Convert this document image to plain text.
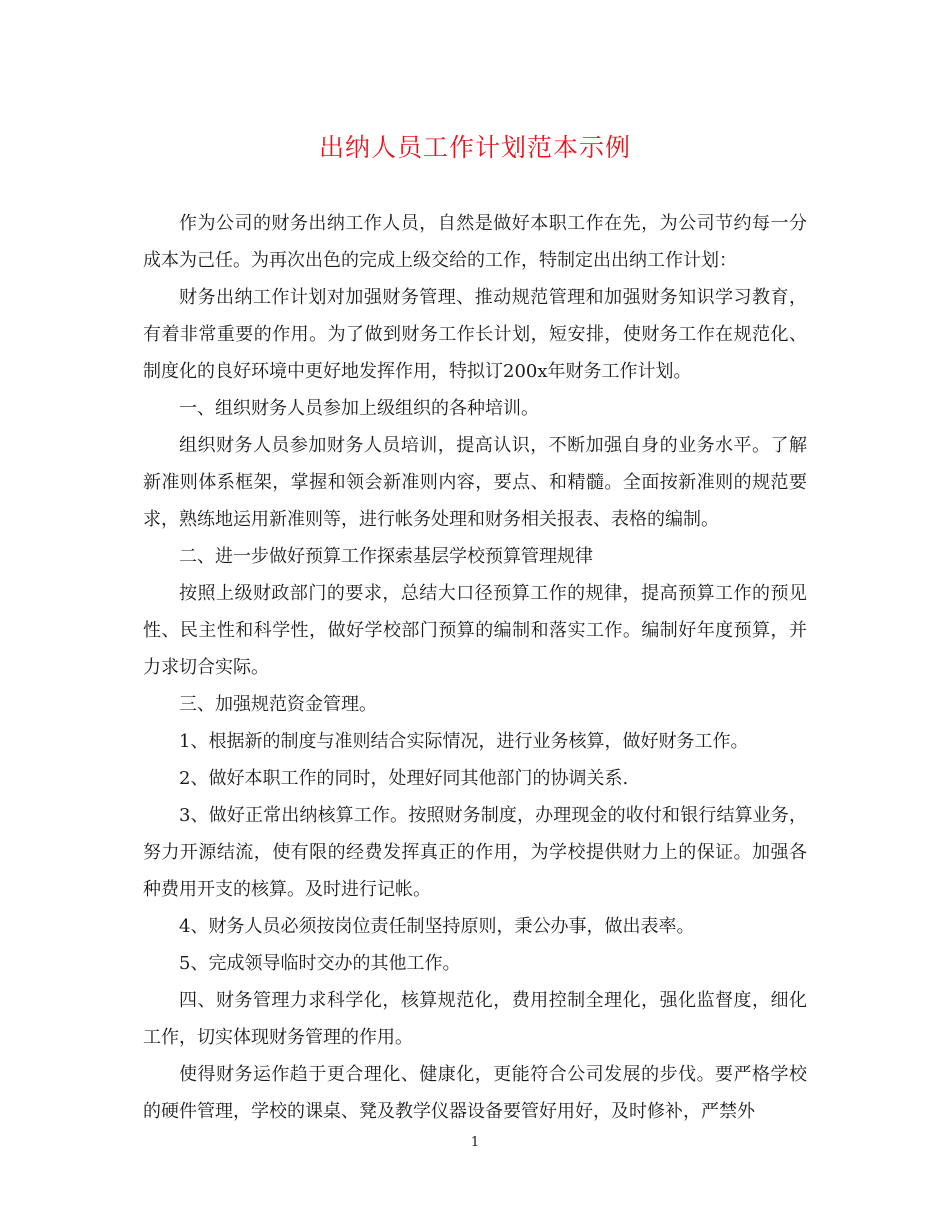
出纳人员工作计划范本示例

作为公司的财务出纳工作人员，自然是做好本职工作在先，为公司节约每一分成本为己任。为再次出色的完成上级交给的工作，特制定出出纳工作计划：

财务出纳工作计划对加强财务管理、推动规范管理和加强财务知识学习教育，有着非常重要的作用。为了做到财务工作长计划，短安排，使财务工作在规范化、制度化的良好环境中更好地发挥作用，特拟订200x年财务工作计划。

一、组织财务人员参加上级组织的各种培训。

组织财务人员参加财务人员培训，提高认识，不断加强自身的业务水平。了解新准则体系框架，掌握和领会新准则内容，要点、和精髓。全面按新准则的规范要求，熟练地运用新准则等，进行帐务处理和财务相关报表、表格的编制。

二、进一步做好预算工作探索基层学校预算管理规律

按照上级财政部门的要求，总结大口径预算工作的规律，提高预算工作的预见性、民主性和科学性，做好学校部门预算的编制和落实工作。编制好年度预算，并力求切合实际。

三、加强规范资金管理。

1、根据新的制度与准则结合实际情况，进行业务核算，做好财务工作。

2、做好本职工作的同时，处理好同其他部门的协调关系.

3、做好正常出纳核算工作。按照财务制度，办理现金的收付和银行结算业务，努力开源结流，使有限的经费发挥真正的作用，为学校提供财力上的保证。加强各种费用开支的核算。及时进行记帐。

4、财务人员必须按岗位责任制坚持原则，秉公办事，做出表率。

5、完成领导临时交办的其他工作。

四、财务管理力求科学化，核算规范化，费用控制全理化，强化监督度，细化工作，切实体现财务管理的作用。

使得财务运作趋于更合理化、健康化，更能符合公司发展的步伐。要严格学校的硬件管理，学校的课桌、凳及教学仪器设备要管好用好，及时修补，严禁外

1
